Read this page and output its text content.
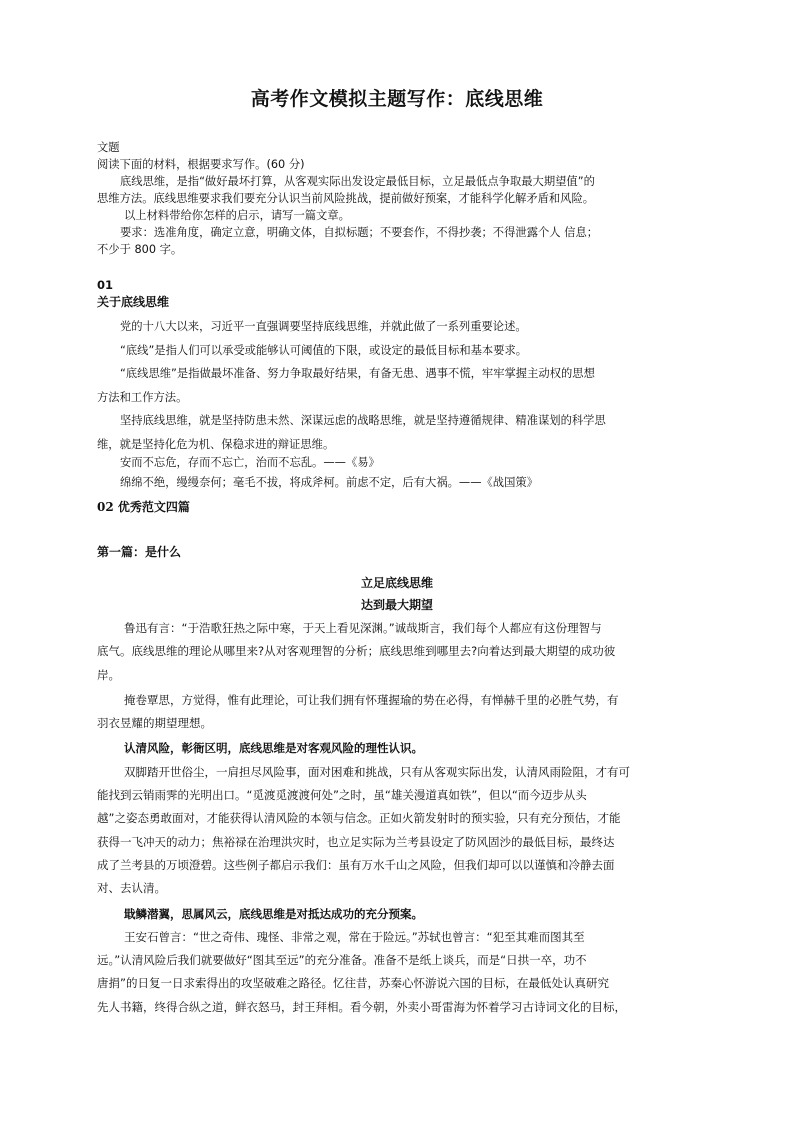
高考作文模拟主题写作：底线思维
文题
阅读下面的材料，根据要求写作。(60 分)
底线思维，是指“做好最坏打算，从客观实际出发设定最低目标，立足最低点争取最大期望值”的
思维方法。底线思维要求我们要充分认识当前风险挑战，提前做好预案，才能科学化解矛盾和风险。
以上材料带给你怎样的启示，请写一篇文章。
要求：选准角度，确定立意，明确文体，自拟标题；不要套作，不得抄袭；不得泄露个人 信息；
不少于 800 字。
01
关于底线思维
党的十八大以来，习近平一直强调要坚持底线思维，并就此做了一系列重要论述。
“底线”是指人们可以承受或能够认可阈值的下限，或设定的最低目标和基本要求。
“底线思维”是指做最坏准备、努力争取最好结果，有备无患、遇事不慌，牢牢掌握主动权的思想
方法和工作方法。
坚持底线思维，就是坚持防患未然、深谋远虑的战略思维，就是坚持遵循规律、精准谋划的科学思
维，就是坚持化危为机、保稳求进的辩证思维。
安而不忘危，存而不忘亡，治而不忘乱。——《易》
绵绵不绝，缦缦奈何；毫毛不拔，将成斧柯。前虑不定，后有大祸。——《战国策》
02 优秀范文四篇
第一篇：是什么
立足底线思维
达到最大期望
鲁迅有言：“于浩歌狂热之际中寒，于天上看见深渊。”诚哉斯言，我们每个人都应有这份理智与
底气。底线思维的理论从哪里来?从对客观理智的分析；底线思维到哪里去?向着达到最大期望的成功彼
岸。
掩卷覃思，方觉得，惟有此理论，可让我们拥有怀瑾握瑜的势在必得，有惮赫千里的必胜气势，有
羽衣昱耀的期望理想。
认清风险，彰衙区明，底线思维是对客观风险的理性认识。
双脚踏开世俗尘，一肩担尽风险事，面对困难和挑战，只有从客观实际出发，认清风雨险阻，才有可
能找到云销雨霁的光明出口。“觅渡觅渡渡何处”之时，虽“雄关漫道真如铁”，但以“而今迈步从头
越”之姿态勇敢面对，才能获得认清风险的本领与信念。正如火箭发射时的预实验，只有充分预估，才能
获得一飞冲天的动力；焦裕禄在治理洪灾时，也立足实际为兰考县设定了防风固沙的最低目标，最终达
成了兰考县的万顷澄碧。这些例子都启示我们：虽有万水千山之风险，但我们却可以以谨慎和冷静去面
对、去认清。
戢鳞潜翼，思属风云，底线思维是对抵达成功的充分预案。
王安石曾言：“世之奇伟、瑰怪、非常之观，常在于险远。”苏轼也曾言：“犯至其难而图其至
远。”认清风险后我们就要做好“图其至远”的充分准备。准备不是纸上谈兵，而是“日拱一卒，功不
唐捐”的日复一日求索得出的攻坚破难之路径。忆往昔，苏秦心怀游说六国的目标，在最低处认真研究
先人书籍，终得合纵之道，鲜衣怒马，封王拜相。看今朝，外卖小哥雷海为怀着学习古诗词文化的目标，
